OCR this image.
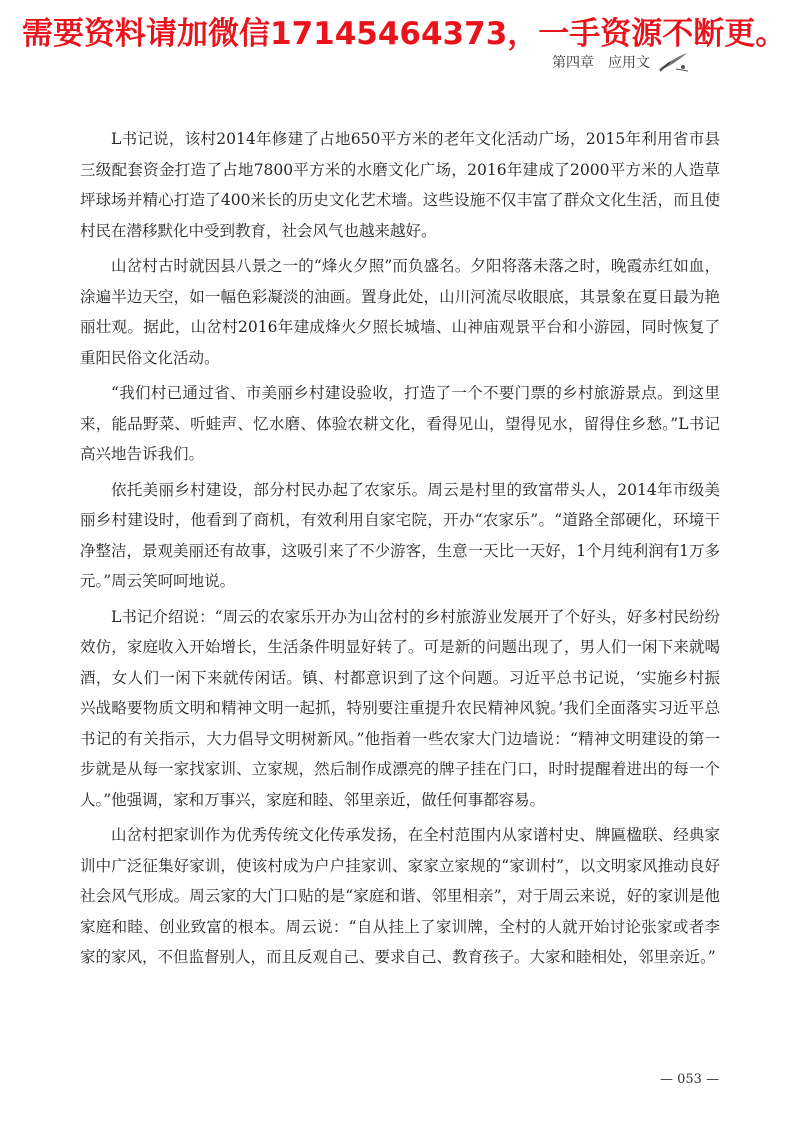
需要资料请加微信17145464373，一手资源不断更。
第四章　应用文

L书记说，该村2014年修建了占地650平方米的老年文化活动广场，2015年利用省市县三级配套资金打造了占地7800平方米的水磨文化广场，2016年建成了2000平方米的人造草坪球场并精心打造了400米长的历史文化艺术墙。这些设施不仅丰富了群众文化生活，而且使村民在潜移默化中受到教育，社会风气也越来越好。

山岔村古时就因县八景之一的“烽火夕照”而负盛名。夕阳将落未落之时，晚霞赤红如血，涂遍半边天空，如一幅色彩凝淡的油画。置身此处，山川河流尽收眼底，其景象在夏日最为艳丽壮观。据此，山岔村2016年建成烽火夕照长城墙、山神庙观景平台和小游园，同时恢复了重阳民俗文化活动。

“我们村已通过省、市美丽乡村建设验收，打造了一个不要门票的乡村旅游景点。到这里来，能品野菜、听蛙声、忆水磨、体验农耕文化，看得见山，望得见水，留得住乡愁。”L书记高兴地告诉我们。

依托美丽乡村建设，部分村民办起了农家乐。周云是村里的致富带头人，2014年市级美丽乡村建设时，他看到了商机，有效利用自家宅院，开办“农家乐”。“道路全部硬化，环境干净整洁，景观美丽还有故事，这吸引来了不少游客，生意一天比一天好，1个月纯利润有1万多元。”周云笑呵呵地说。

L书记介绍说：“周云的农家乐开办为山岔村的乡村旅游业发展开了个好头，好多村民纷纷效仿，家庭收入开始增长，生活条件明显好转了。可是新的问题出现了，男人们一闲下来就喝酒，女人们一闲下来就传闲话。镇、村都意识到了这个问题。习近平总书记说，‘实施乡村振兴战略要物质文明和精神文明一起抓，特别要注重提升农民精神风貌。’我们全面落实习近平总书记的有关指示，大力倡导文明树新风。”他指着一些农家大门边墙说：“精神文明建设的第一步就是从每一家找家训、立家规，然后制作成漂亮的牌子挂在门口，时时提醒着进出的每一个人。”他强调，家和万事兴，家庭和睦、邻里亲近，做任何事都容易。

山岔村把家训作为优秀传统文化传承发扬，在全村范围内从家谱村史、牌匾楹联、经典家训中广泛征集好家训，使该村成为户户挂家训、家家立家规的“家训村”，以文明家风推动良好社会风气形成。周云家的大门口贴的是“家庭和谐、邻里相亲”，对于周云来说，好的家训是他家庭和睦、创业致富的根本。周云说：“自从挂上了家训牌，全村的人就开始讨论张家或者李家的家风，不但监督别人，而且反观自己、要求自己、教育孩子。大家和睦相处，邻里亲近。”

— 053 —
